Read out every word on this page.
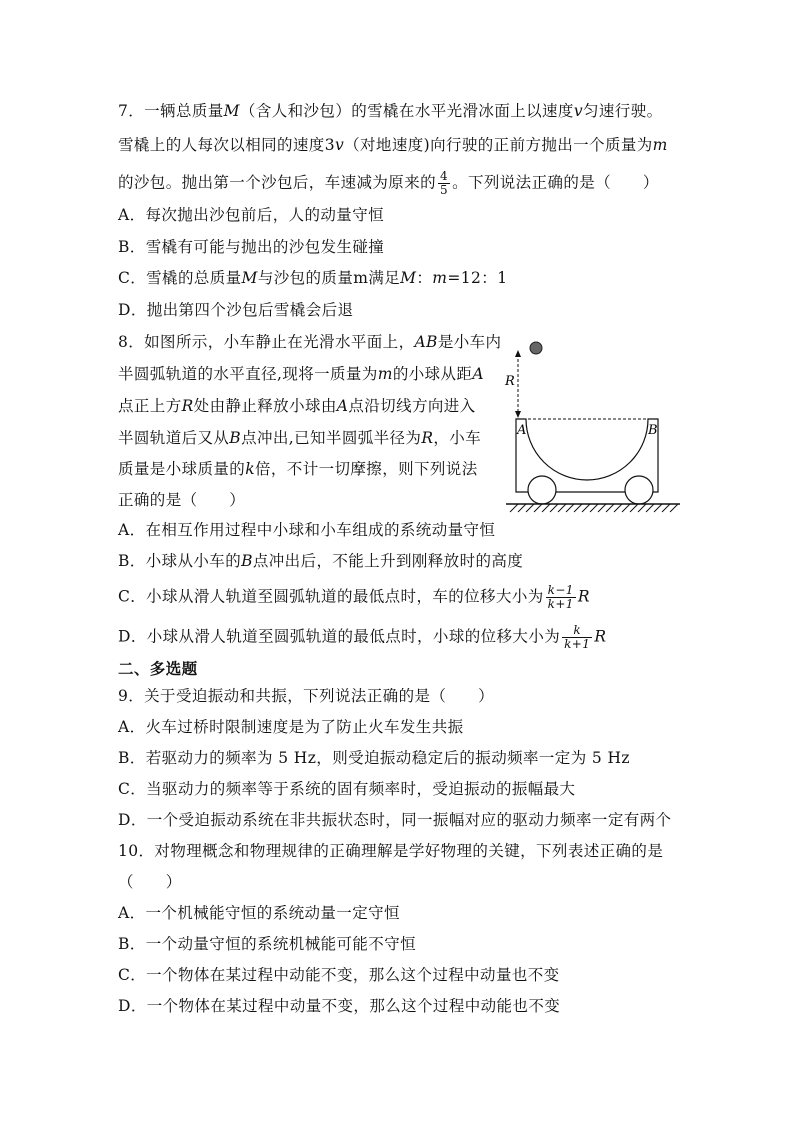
7．一辆总质量𝑀（含人和沙包）的雪橇在水平光滑冰面上以速度𝑣匀速行驶。
雪橇上的人每次以相同的速度3𝑣（对地速度)向行驶的正前方抛出一个质量为𝑚
的沙包。抛出第一个沙包后，车速减为原来的 $\frac{4}{5}$ 。下列说法正确的是（　　）
A．每次抛出沙包前后，人的动量守恒
B．雪橇有可能与抛出的沙包发生碰撞
C．雪橇的总质量𝑀与沙包的质量m满足𝑀：𝑚=12：1
D．抛出第四个沙包后雪橇会后退
8．如图所示，小车静止在光滑水平面上，𝐴𝐵是小车内
半圆弧轨道的水平直径,现将一质量为𝑚的小球从距𝐴
点正上方𝑅处由静止释放小球由𝐴点沿切线方向进入
半圆轨道后又从𝐵点冲出,已知半圆弧半径为𝑅，小车
质量是小球质量的𝑘倍，不计一切摩擦，则下列说法
正确的是（　　）
A．在相互作用过程中小球和小车组成的系统动量守恒
B．小球从小车的𝐵点冲出后，不能上升到刚释放时的高度
C．小球从滑人轨道至圆弧轨道的最低点时，车的位移大小为 $\frac{\text{𝑘−1}}{\text{𝑘+1}}$ 𝑅
D．小球从滑人轨道至圆弧轨道的最低点时，小球的位移大小为 $\frac{\text{𝑘}}{\text{𝑘+1}}$ 𝑅
R
A	B
二、多选题
9．关于受迫振动和共振，下列说法正确的是（　　）
A．火车过桥时限制速度是为了防止火车发生共振
B．若驱动力的频率为 5 Hz，则受迫振动稳定后的振动频率一定为 5 Hz
C．当驱动力的频率等于系统的固有频率时，受迫振动的振幅最大
D．一个受迫振动系统在非共振状态时，同一振幅对应的驱动力频率一定有两个
10．对物理概念和物理规律的正确理解是学好物理的关键，下列表述正确的是
（　　）
A．一个机械能守恒的系统动量一定守恒
B．一个动量守恒的系统机械能可能不守恒
C．一个物体在某过程中动能不变，那么这个过程中动量也不变
D．一个物体在某过程中动量不变，那么这个过程中动能也不变
